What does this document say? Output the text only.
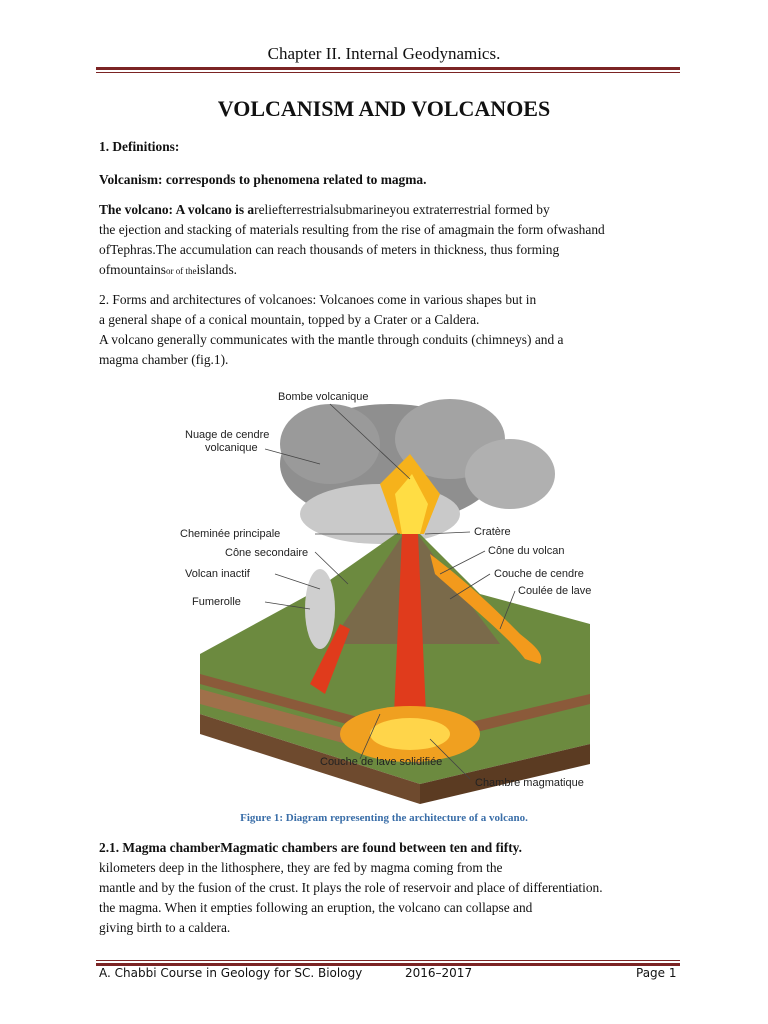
Chapter II. Internal Geodynamics.
VOLCANISM AND VOLCANOES

1. Definitions:

Volcanism: corresponds to phenomena related to magma.

The volcano: A volcano is areliefterrestrialsubmarineyou extraterrestrial formed by
the ejection and stacking of materials resulting from the rise of amagmain the form ofwashand
ofTephras.The accumulation can reach thousands of meters in thickness, thus forming
ofmountainsor of theislands.
2. Forms and architectures of volcanoes: Volcanoes come in various shapes but in
a general shape of a conical mountain, topped by a Crater or a Caldera.
A volcano generally communicates with the mantle through conduits (chimneys) and a
magma chamber (fig.1).
Bombe volcanique
Nuage de cendre
volcanique
Cheminée principale
Cône secondaire
Volcan inactif
Fumerolle
Cratère
Cône du volcan
Couche de cendre
Coulée de lave
Couche de lave solidifiée
Chambre magmatique
Figure 1: Diagram representing the architecture of a volcano.
2.1. Magma chamberMagmatic chambers are found between ten and fifty.
kilometers deep in the lithosphere, they are fed by magma coming from the
mantle and by the fusion of the crust. It plays the role of reservoir and place of differentiation.
the magma. When it empties following an eruption, the volcano can collapse and
giving birth to a caldera.
A. Chabbi Course in Geology for SC. Biology	2016–2017	Page 1
